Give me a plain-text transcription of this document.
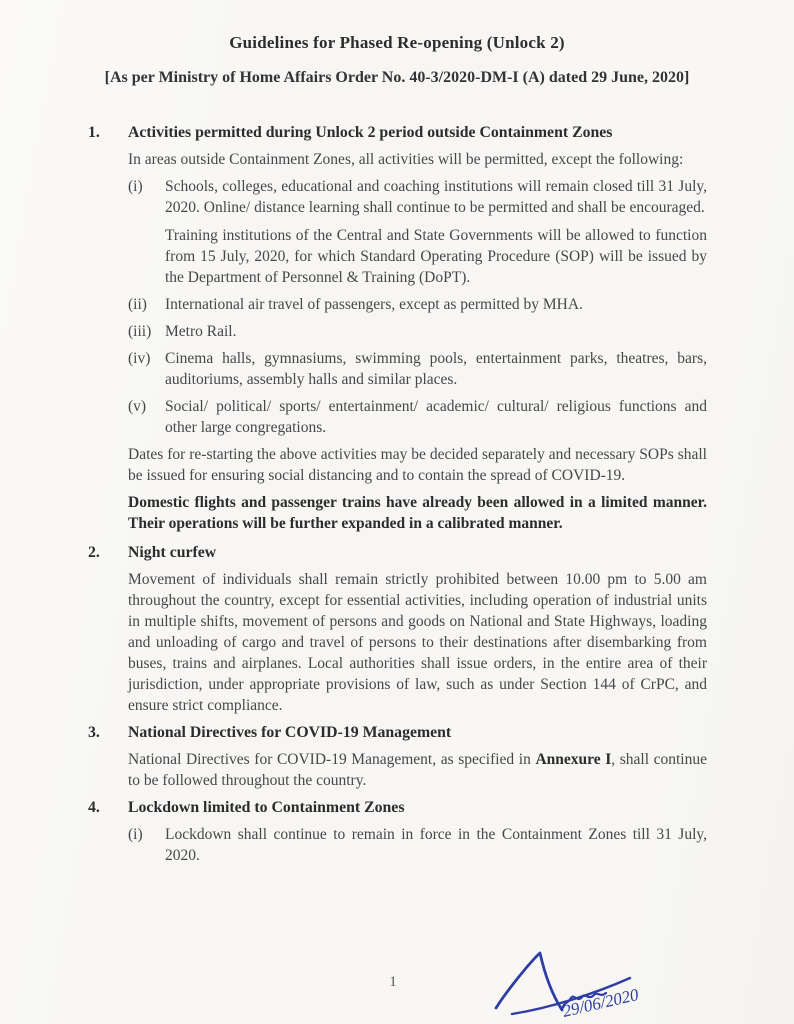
Guidelines for Phased Re-opening (Unlock 2)
[As per Ministry of Home Affairs Order No. 40-3/2020-DM-I (A) dated 29 June, 2020]
1.	Activities permitted during Unlock 2 period outside Containment Zones

In areas outside Containment Zones, all activities will be permitted, except the following:

(i)	Schools, colleges, educational and coaching institutions will remain closed till 31 July, 2020. Online/ distance learning shall continue to be permitted and shall be encouraged.

Training institutions of the Central and State Governments will be allowed to function from 15 July, 2020, for which Standard Operating Procedure (SOP) will be issued by the Department of Personnel & Training (DoPT).

(ii)	International air travel of passengers, except as permitted by MHA.

(iii) Metro Rail.

(iv) Cinema halls, gymnasiums, swimming pools, entertainment parks, theatres, bars, auditoriums, assembly halls and similar places.

(v)	Social/ political/ sports/ entertainment/ academic/ cultural/ religious functions and other large congregations.

Dates for re-starting the above activities may be decided separately and necessary SOPs shall be issued for ensuring social distancing and to contain the spread of COVID-19.

Domestic flights and passenger trains have already been allowed in a limited manner. Their operations will be further expanded in a calibrated manner.

2.	Night curfew

Movement of individuals shall remain strictly prohibited between 10.00 pm to 5.00 am throughout the country, except for essential activities, including operation of industrial units in multiple shifts, movement of persons and goods on National and State Highways, loading and unloading of cargo and travel of persons to their destinations after disembarking from buses, trains and airplanes. Local authorities shall issue orders, in the entire area of their jurisdiction, under appropriate provisions of law, such as under Section 144 of CrPC, and ensure strict compliance.

3.	National Directives for COVID-19 Management

National Directives for COVID-19 Management, as specified in Annexure I, shall continue to be followed throughout the country.

4.	Lockdown limited to Containment Zones
(i)	Lockdown shall continue to remain in force in the Containment Zones till 31 July, 2020.

1
29/06/2020
